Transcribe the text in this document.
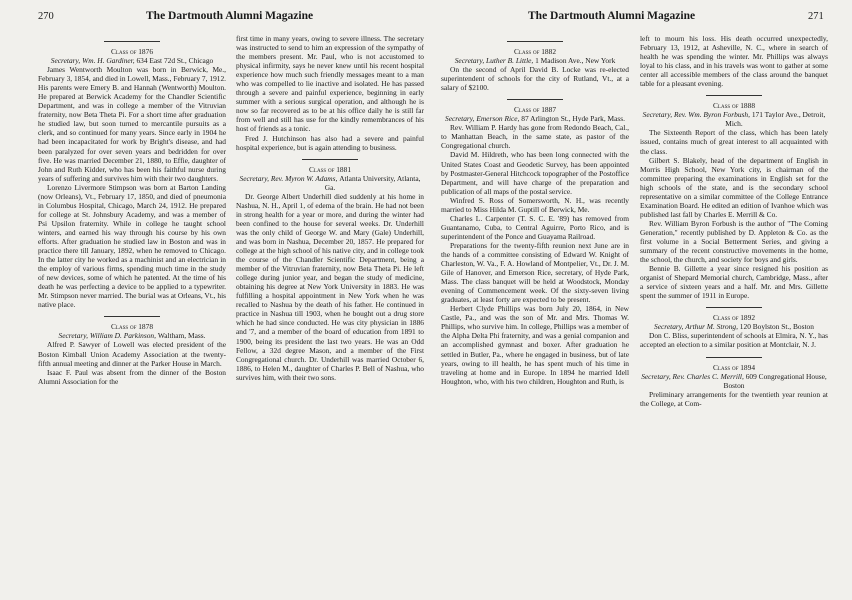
270	The Dartmouth Alumni Magazine
Class of 1876

Secretary, Wm. H. Gardiner, 634 East 72d St., Chicago

James Wentworth Moulton was born in Berwick, Me., February 3, 1854, and died in Lowell, Mass., February 7, 1912. His parents were Emery B. and Hannah (Wentworth) Moulton. He prepared at Berwick Academy for the Chandler Scientific Department, and was in college a member of the Vitruvian fraternity, now Beta Theta Pi. For a short time after graduation he studied law, but soon turned to mercantile pursuits as a clerk, and so continued for many years. Since early in 1904 he had been incapacitated for work by Bright's disease, and had been paralyzed for over seven years and bedridden for over five. He was married December 21, 1880, to Effie, daughter of John and Ruth Kidder, who has been his faithful nurse during years of suffering and survives him with their two daughters.

Lorenzo Livermore Stimpson was born at Barton Landing (now Orleans), Vt., February 17, 1850, and died of pneumonia in Columbus Hospital, Chicago, March 24, 1912. He prepared for college at St. Johnsbury Academy, and was a member of Psi Upsilon fraternity. While in college he taught school winters, and earned his way through his course by his own efforts. After graduation he studied law in Boston and was in practice there till January, 1892, when he removed to Chicago. In the latter city he worked as a machinist and an electrician in the employ of various firms, spending much time in the study of new devices, some of which he patented. At the time of his death he was perfecting a device to be applied to a typewriter. Mr. Stimpson never married. The burial was at Orleans, Vt., his native place.

Class of 1878

Secretary, William D. Parkinson, Waltham, Mass.

Alfred P. Sawyer of Lowell was elected president of the Boston Kimball Union Academy Association at the twenty-fifth annual meeting and dinner at the Parker House in March.

Isaac F. Paul was absent from the dinner of the Boston Alumni Association for the

first time in many years, owing to severe illness. The secretary was instructed to send to him an expression of the sympathy of the members present. Mr. Paul, who is not accustomed to physical infirmity, says he never knew until his recent hospital experience how much such friendly messages meant to a man who was compelled to lie inactive and isolated. He has passed through a severe and painful experience, beginning in early summer with a serious surgical operation, and although he is now so far recovered as to be at his office daily he is still far from well and still has use for the kindly remembrances of his host of friends as a tonic.

Fred J. Hutchinson has also had a severe and painful hospital experience, but is again attending to business.

Class of 1881

Secretary, Rev. Myron W. Adams, Atlanta University, Atlanta, Ga.

Dr. George Albert Underhill died suddenly at his home in Nashua, N. H., April 1, of edema of the brain. He had not been in strong health for a year or more, and during the winter had been confined to the house for several weeks. Dr. Underhill was the only child of George W. and Mary (Gale) Underhill, and was born in Nashua, December 20, 1857. He prepared for college at the high school of his native city, and in college took the course of the Chandler Scientific Department, being a member of the Vitruvian fraternity, now Beta Theta Pi. He left college during junior year, and began the study of medicine, obtaining his degree at New York University in 1883. He was fulfilling a hospital appointment in New York when he was recalled to Nashua by the death of his father. He continued in practice in Nashua till 1903, when he bought out a drug store which he had since conducted. He was city physician in 1886 and '7, and a member of the board of education from 1891 to 1900, being its president the last two years. He was an Odd Fellow, a 32d degree Mason, and a member of the First Congregational church. Dr. Underhill was married October 6, 1886, to Helen M., daughter of Charles P. Bell of Nashua, who survives him, with their two sons.

The Dartmouth Alumni Magazine	271
Class of 1882

Secretary, Luther B. Little, 1 Madison Ave., New York

On the second of April David B. Locke was re-elected superintendent of schools for the city of Rutland, Vt., at a salary of $2100.

Class of 1887

Secretary, Emerson Rice, 87 Arlington St., Hyde Park, Mass.

Rev. William P. Hardy has gone from Redondo Beach, Cal., to Manhattan Beach, in the same state, as pastor of the Congregational church.

David M. Hildreth, who has been long connected with the United States Coast and Geodetic Survey, has been appointed by Postmaster-General Hitchcock topographer of the Postoffice Department, and will have charge of the preparation and publication of all maps of the postal service.

Winfred S. Ross of Somersworth, N. H., was recently married to Miss Hilda M. Guptill of Berwick, Me.

Charles L. Carpenter (T. S. C. E. '89) has removed from Guantanamo, Cuba, to Central Aguirre, Porto Rico, and is superintendent of the Ponce and Guayama Railroad.

Preparations for the twenty-fifth reunion next June are in the hands of a committee consisting of Edward W. Knight of Charleston, W. Va., F. A. Howland of Montpelier, Vt., Dr. J. M. Gile of Hanover, and Emerson Rice, secretary, of Hyde Park, Mass. The class banquet will be held at Woodstock, Monday evening of Commencement week. Of the sixty-seven living graduates, at least forty are expected to be present.

Herbert Clyde Phillips was born July 20, 1864, in New Castle, Pa., and was the son of Mr. and Mrs. Thomas W. Phillips, who survive him. In college, Phillips was a member of the Alpha Delta Phi fraternity, and was a genial companion and an accomplished gymnast and boxer. After graduation he settled in Butler, Pa., where he engaged in business, but of late years, owing to ill health, he has spent much of his time in traveling at home and in Europe. In 1894 he married Idell Houghton, who, with his two children, Houghton and Ruth, is

left to mourn his loss. His death occurred unexpectedly, February 13, 1912, at Asheville, N. C., where in search of health he was spending the winter. Mr. Phillips was always loyal to his class, and in his travels was wont to gather at some center all accessible members of the class around the banquet table for a pleasant evening.

Class of 1888

Secretary, Rev. Wm. Byron Forbush, 171 Taylor Ave., Detroit, Mich.

The Sixteenth Report of the class, which has been lately issued, contains much of great interest to all acquainted with the class.

Gilbert S. Blakely, head of the department of English in Morris High School, New York city, is chairman of the committee preparing the examinations in English set for the high schools of the state, and is the secondary school representative on a similar committee of the College Entrance Examination Board. He edited an edition of Ivanhoe which was published last fall by Charles E. Merrill & Co.

Rev. William Byron Forbush is the author of "The Coming Generation," recently published by D. Appleton & Co. as the first volume in a Social Betterment Series, and giving a summary of the recent constructive movements in the home, the school, the church, and society for boys and girls.

Bennie B. Gillette a year since resigned his position as organist of Shepard Memorial church, Cambridge, Mass., after a service of sixteen years and a half. Mr. and Mrs. Gillette spent the summer of 1911 in Europe.

Class of 1892

Secretary, Arthur M. Strong, 120 Boylston St., Boston

Don C. Bliss, superintendent of schools at Elmira, N. Y., has accepted an election to a similar position at Montclair, N. J.

Class of 1894

Secretary, Rev. Charles C. Merrill, 609 Congregational House, Boston

Preliminary arrangements for the twentieth year reunion at the College, at Com-
